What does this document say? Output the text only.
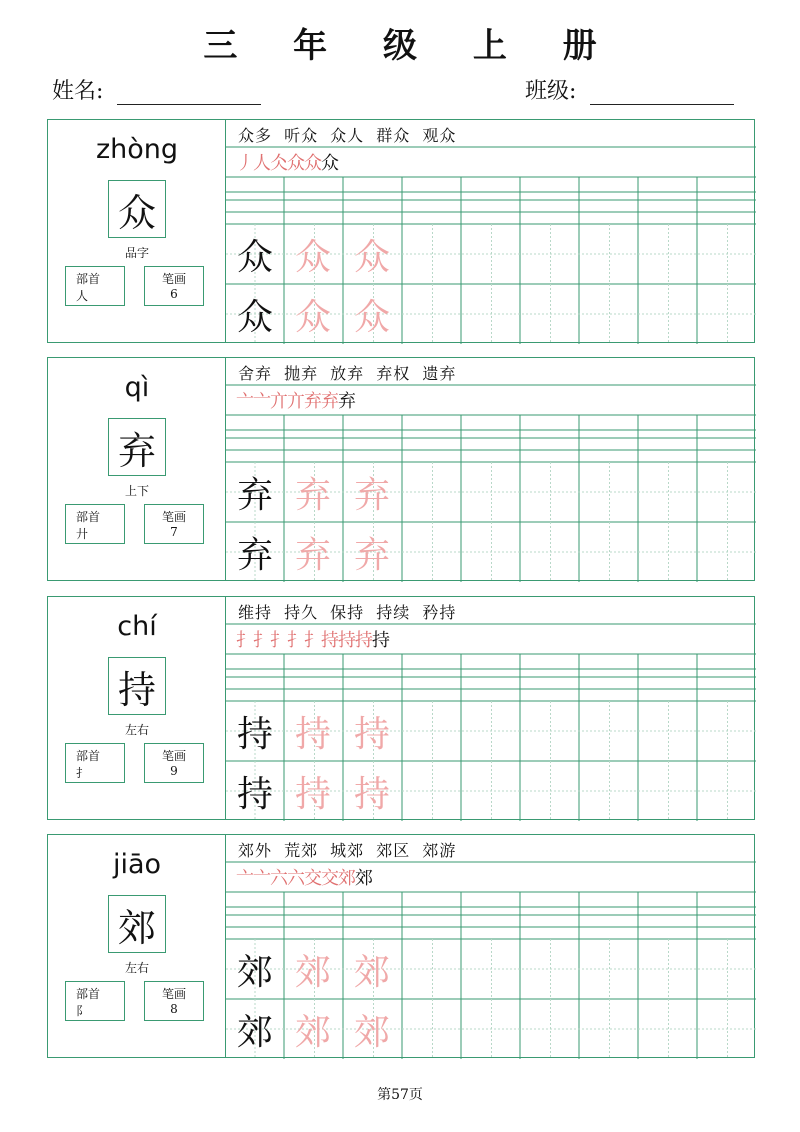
三 年 级 上 册
姓名:	班级:
zhòng
众
品字
部首
人
笔画
6
众多 听众 众人 群众 观众
丿人仌众众众
众 众 众
众 众 众
qì
弃
上下
部首
廾
笔画
7
舍弃 抛弃 放弃 弃权 遗弃
亠亠亣亣弃弃弃
弃 弃 弃
弃 弃 弃
chí
持
左右
部首
扌
笔画
9
维持 持久 保持 持续 矜持
扌扌扌扌扌持持持持
持 持 持
持 持 持
jiāo
郊
左右
部首
阝
笔画
8
郊外 荒郊 城郊 郊区 郊游
亠亠六六交交郊郊
郊 郊 郊
郊 郊 郊
第57页
